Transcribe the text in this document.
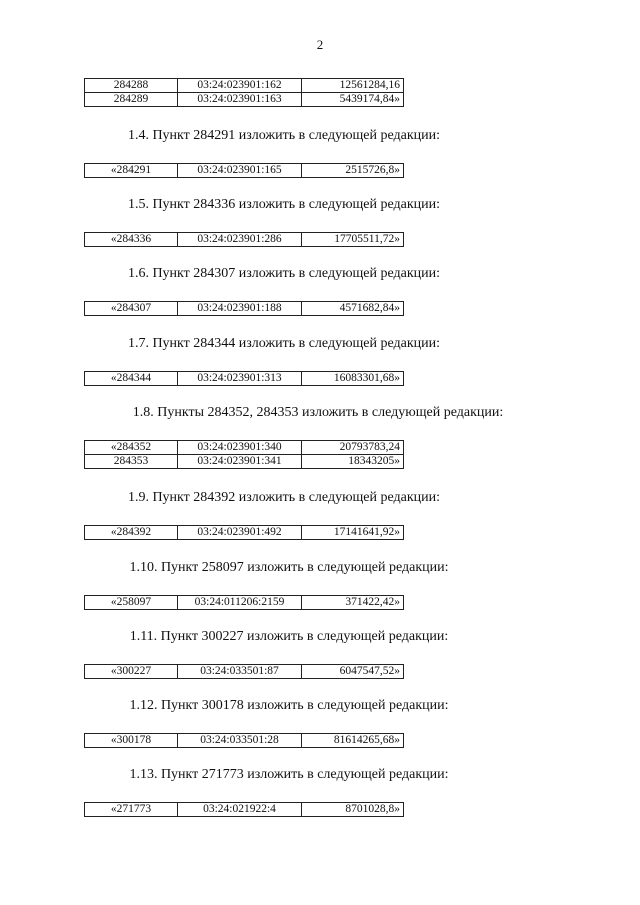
2
284288	03:24:023901:162	12561284,16
284289	03:24:023901:163	5439174,84»
1.4. Пункт 284291 изложить в следующей редакции:
«284291	03:24:023901:165	2515726,8»
1.5. Пункт 284336 изложить в следующей редакции:
«284336	03:24:023901:286	17705511,72»
1.6. Пункт 284307 изложить в следующей редакции:
«284307	03:24:023901:188	4571682,84»
1.7. Пункт 284344 изложить в следующей редакции:
«284344	03:24:023901:313	16083301,68»
1.8. Пункты 284352, 284353 изложить в следующей редакции:
«284352	03:24:023901:340	20793783,24
284353	03:24:023901:341	18343205»
1.9. Пункт 284392 изложить в следующей редакции:
«284392	03:24:023901:492	17141641,92»
1.10. Пункт 258097 изложить в следующей редакции:
«258097	03:24:011206:2159	371422,42»
1.11. Пункт 300227 изложить в следующей редакции:
«300227	03:24:033501:87	6047547,52»
1.12. Пункт 300178 изложить в следующей редакции:
«300178	03:24:033501:28	81614265,68»
1.13. Пункт 271773 изложить в следующей редакции:
«271773	03:24:021922:4	8701028,8»
